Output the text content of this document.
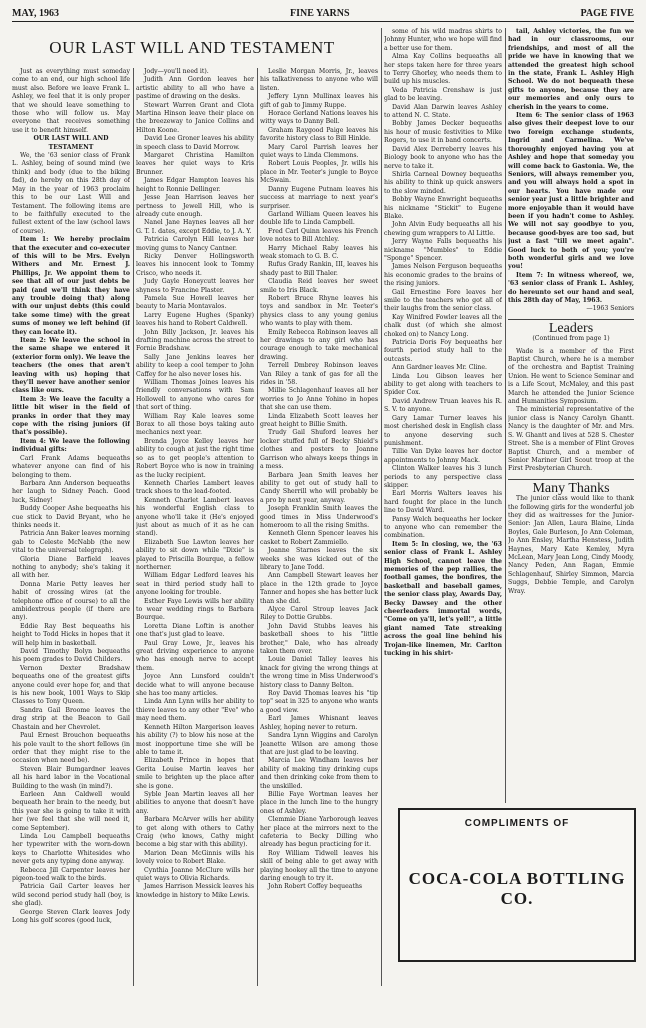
MAY, 1963	FINE YARNS	PAGE FIVE
OUR LAST WILL AND TESTAMENT

Just as everything must someday come to an end, our high school life must also. Before we leave Frank L. Ashley, we feel that it is only proper that we should leave something to those who will follow us. May everyone that receives something use it to benefit himself.

OUR LAST WILL AND TESTAMENT

We, the '63 senior class of Frank L. Ashley, being of sound mind (we think) and body (due to the biking fad), do hereby on this 28th day of May in the year of 1963 proclaim this to be our Last Will and Testament. The following items are to be faithfully executed to the fullest extent of the law (school laws of course).

Item 1: We hereby proclaim that the executer and co-executer of this will to be Mrs. Evelyn Withers and Mr. Ernest J. Phillips, Jr. We appoint them to see that all of our just debts be paid (and we'll think they have any trouble doing that) along with our unjust debts (this could take some time) with the great sums of money we left behind (if they can locate it).

Item 2: We leave the school in the same shape we entered it (exterior form only). We leave the teachers (the ones that aren't leaving with us) hoping that they'll never have another senior class like ours.

Item 3: We leave the faculty a little bit wiser in the field of pranks in order that they may cope with the rising juniors (if that's possible).

Item 4: We leave the following individual gifts:

Carl Frank Adams bequeaths whatever anyone can find of his belonging to them.

Barbara Ann Anderson bequeaths her laugh to Sidney Peach. Good luck, Sidney!

Buddy Cooper Ashe bequeaths his cue stick to David Bryant, who he thinks needs it.

Patricia Ann Baker leaves morning gab to Celeste McNabb (the new vital to the universal telegraph).

Gloria Diane Barfield leaves nothing to anybody; she's taking it all with her.

Donna Marie Petty leaves her habit of crossing wires (at the telephone office of course) to all the ambidextrous people (if there are any).

Eddie Ray Best bequeaths his height to Todd Hicks in hopes that it will help him in basketball.

David Timothy Bolyn bequeaths his poem grades to David Childers.

Vernon Dexter Bradshaw bequeaths one of the greatest gifts anyone could ever hope for, and that is his new book, 1001 Ways to Skip Classes to Tony Queen.

Sandra Gail Broome leaves the drag strip at the Beacon to Gail Chastain and her Chevrolet.

Paul Ernest Brouchon bequeaths his pole vault to the short fellows (in order that they might rise to the occasion when need be).

Steven Blair Bumgardner leaves all his hard labor in the Vocational Building to the wash (in mind?).

Earleen Ann Caldwell would bequeath her brain to the needy, but this year she is going to take it with her (we feel that she will need it, come September).

Linda Lou Campbell bequeaths her typewriter with the worn-down keys to Charlotte Whitesides who never gets any typing done anyway.

Rebecca Jill Carpenter leaves her pigeon-toed walk to the birds.

Patricia Gail Carter leaves her wild second period study hall (boy, is she glad).

George Steven Clark leaves Jody Long his golf scores (good luck,

Jody—you'll need it).

Judith Ann Gordon leaves her artistic ability to all who have a pastime of drawing on the desks.

Stewart Warren Grant and Clota Martina Hinson leave their place on the breezeway to Janice Collins and Hilton Koone.

David Lee Groner leaves his ability in speech class to David Morrow.

Margaret Christina Hamilton leaves her quiet ways to Kris Brunner.

James Edgar Hampton leaves his height to Ronnie Dellinger.

Jesse Jean Harrison leaves her pertness to Jewell Hill, who is already cute enough.

Nanel Jane Haynes leaves all her G. T. I. dates, except Eddie, to J. A. Y.

Patricia Carolyn Hill leaves her moving gums to Nancy Cantner.

Ricky Denver Hollingsworth leaves his innocent look to Tommy Crisco, who needs it.

Judy Gayle Honeycutt leaves her shyness to Francine Plaster.

Pamela Sue Howell leaves her beauty to Maria Montavalos.

Larry Eugene Hughes (Spanky) leaves his hand to Robert Caldwell.

John Billy Jackson, Jr. leaves his drafting machine across the street to Fornie Bradshaw.

Sally Jane Jenkins leaves her ability to keep a cool temper to John Caffey for he also never loses his.

William Thomas Joines leaves his friendly conversations with Sam Hollowell to anyone who cares for that sort of thing.

William Ray Kale leaves some Borax to all those boys taking auto mechanics next year.

Brenda Joyce Kelley leaves her ability to cough at just the right time so as to get people's attention to Robert Boyce who is now in training as the lucky recipient.

Kenneth Charles Lambert leaves track shoes to the lead-footed.

Kenneth Charlet Lambert leaves his wonderful English class to anyone who'll take it (He's enjoyed just about as much of it as he can stand).

Elizabeth Sue Lawton leaves her ability to sit down while "Dixie" is played to Priscilla Bourque, a fellow northerner.

William Edgar Ledford leaves his seat in third period study hall to anyone looking for trouble.

Esther Faye Lewis wills her ability to wear wedding rings to Barbara Bourque.

Loretta Diane Loftin is another one that's just glad to leave.

Paul Gray Lowe, Jr., leaves his great driving experience to anyone who has enough nerve to accept them.

Joyce Ann Lunsford couldn't decide what to will anyone because she has too many articles.

Linda Ann Lynn wills her ability to thieve leaves to any other "Eve" who may need them.

Kenneth Hilton Margerison leaves his ability (?) to blow his nose at the most inopportune time she will be able to tame it.

Elizabeth Prince in hopes that Gerita Louise Martin leaves her smile to brighten up the place after she is gone.

Syble Jean Martin leaves all her abilities to anyone that doesn't have any.

Barbara McArver wills her ability to get along with others to Cathy Craig (who knows, Cathy might become a big star with this ability).

Marion Dean McGinnis wills his lovely voice to Robert Blake.

Cynthia Joanne McClure wills her quiet ways to Olivia Richards.

James Harrison Messick leaves his knowledge in history to Mike Lewis.

Leslie Morgan Morris, Jr., leaves his talkativeness to anyone who will listen.

Jeffery Lynn Mullinax leaves his gift of gab to Jimmy Ruppe.

Horace Gerland Nations leaves his witty ways to Danny Bell.

Graham Raygood Paige leaves his favorite history class to Bill Hinkle.

Mary Carol Parrish leaves her quiet ways to Linda Clemmons.

Robert Louis Peoples, Jr. wills his place in Mr. Teeter's jungle to Boyce McSwain.

Danny Eugene Putnam leaves his success at marriage to next year's surpriser.

Garland William Queen leaves his double life to Linda Campbell.

Fred Carl Quinn leaves his French love notes to Bill Atchley.

Harry Michael Raby leaves his weak stomach to G. B. C.

Rufus Grady Rankin, III, leaves his shady past to Bill Thaler.

Claudia Reid leaves her sweet smile to Iris Black.

Robert Bruce Rhyne leaves his toys and sandbox in Mr. Teeter's physics class to any young genius who wants to play with them.

Emily Rebecca Robinson leaves all her drawings to any girl who has courage enough to take mechanical drawing.

Terrell Dmbrey Robinson leaves Van Riley a tank of gas for all the rides in '58.

Millie Schlagenhauf leaves all her worries to Jo Anne Yohino in hopes that she can use them.

Linda Elizabeth Scott leaves her great height to Billie Smith.

Trudy Gail Shuford leaves her locker stuffed full of Becky Shield's clothes and posters to Joanne Garrison who always keeps things in a mess.

Barbara Jean Smith leaves her ability to get out of study hall to Candy Sherrill who will probably be a pro by next year, anyway.

Joseph Franklin Smith leaves the good times in Miss Underwood's homeroom to all the rising Smiths.

Kenneth Glenn Spencer leaves his casket to Robert Zammiello.

Joanne Starnes leaves the six weeks she was kicked out of the library to Jane Todd.

Ann Campbell Stewart leaves her place in the 12th grade to Joyce Tanner and hopes she has better luck than she did.

Alyce Carol Stroup leaves Jack Riley to Dottie Grubbs.

John David Stubbs leaves his basketball shoes to his "little brother," Dale, who has already taken them over.

Louie Daniel Talley leaves his knack for giving the wrong things at the wrong time in Miss Underwood's history class to Danny Belton.

Roy David Thomas leaves his "tip top" seat in 325 to anyone who wants a good view.

Earl James Whisnant leaves Ashley, hoping never to return.

Sandra Lynn Wiggins and Carolyn Jeanette Wilson are among those that are just glad to be leaving.

Marcia Lee Windham leaves her ability of making tiny drinking cups and then drinking coke from them to the unskilled.

Billie Faye Wortman leaves her place in the lunch line to the hungry ones of Ashley.

Clemmie Diane Yarborough leaves her place at the mirrors next to the cafeteria to Becky Dilling who already has begun practicing for it.

Roy William Tidwell leaves his skill of being able to get away with playing hookey all the time to anyone daring enough to try it.

John Robert Coffey bequeaths

some of his wild madras shirts to Johnny Hunter, who we hope will find a better use for them.

Alma Kay Collins bequeaths all her steps taken here for three years to Terry Ghorley, who needs them to build up his muscles.

Veda Patricia Crenshaw is just glad to be leaving.

David Alan Darwin leaves Ashley to attend N. C. State.

Bobby James Decker bequeaths his hour of music festivities to Mike Rogers, to use it in band concerts.

David Alex Derreberry leaves his Biology book to anyone who has the nerve to take it.

Shirla Carneal Downey bequeaths his ability to think up quick answers to the slow minded.

Bobby Wayne Enwright bequeaths his nickname "Stickit" to Eugene Blake.

John Alvin Eudy bequeaths all his chewing gum wrappers to Al Little.

Jerry Wayne Falls bequeaths his nickname "Mumbles" to Eddie "Sponge" Spencer.

James Nelson Ferguson bequeaths his economic grades to the brains of the rising juniors.

Gail Ernestine Fore leaves her smile to the teachers who got all of their laughs from the senior class.

Kay Winifred Fowler leaves all the chalk dust (of which she almost choked on) to Nancy Long.

Patricia Doris Foy bequeaths her fourth period study hall to the outcasts.

Ann Gardner leaves Mr. Cline.

Linda Lou Gibson leaves her ability to get along with teachers to Spider Cox.

David Andrew Truan leaves his R. S. V. to anyone.

Gary Lamar Turner leaves his most cherished desk in English class to anyone deserving such punishment.

Tillie Van Dyke leaves her doctor appointments to Johnny Mack.

Clinton Walker leaves his 3 lunch periods to any perspective class skipper.

Earl Morris Walters leaves his hard fought for place in the lunch line to David Ward.

Pansy Welch bequeaths her locker to anyone who can remember the combination.

Item 5: In closing, we, the '63 senior class of Frank L. Ashley High School, cannot leave the memories of the pep rallies, the football games, the bonfires, the basketball and baseball games, the senior class play, Awards Day, Becky Dawsey and the other cheerleaders immortal words, "Come on ya'll, let's yell!", a little giant named Tate streaking across the goal line behind his Trojan-like linemen, Mr. Carlton tucking in his shirt-

tail, Ashley victories, the fun we had in our classrooms, our friendships, and most of all the pride we have in knowing that we attended the greatest high school in the state, Frank L. Ashley High School. We do not bequeath these gifts to anyone, because they are our memories and only ours to cherish in the years to come.

Item 6: The senior class of 1963 also gives their deepest love to our two foreign exchange students, Ingrid and Carmelina. We've thoroughly enjoyed having you at Ashley and hope that someday you will come back to Gastonia. We, the Seniors, will always remember you, and you will always hold a spot in our hearts. You have made our senior year just a little brighter and more enjoyable than it would have been if you hadn't come to Ashley. We will not say goodbye to you, because good-byes are too sad, but just a fast "till we meet again". Good luck to both of you; you're both wonderful girls and we love you!

Item 7: In witness whereof, we, '63 senior class of Frank L. Ashley, do hereunto set our hand and seal, this 28th day of May, 1963.

—1963 Seniors
Leaders
(Continued from page 1)

Wade is a member of the First Baptist Church, where he is a member of the orchestra and Baptist Training Union. He went to Science Seminar and is a Life Scout, McMaley, and this past March he attended the Junior Science and Humanities Symposium.

The ministerial representative of the junior class is Nancy Carolyn Ghantt. Nancy is the daughter of Mr. and Mrs. S. W. Ghantt and lives at 528 S. Chester Street. She is a member of Flint Groves Baptist Church, and a member of Senior Mariner Girl Scout troop at the First Presbyterian Church.

Many Thanks

The junior class would like to thank the following girls for the wonderful job they did as waitresses for the Junior-Senior: Jan Allen, Laura Blaine, Linda Boyles, Gale Burleson, Jo Ann Coleman, Jo Ann Ensley, Martha Henstess, Judith Haynes, Mary Kate Kemley, Myra McLean, Mary Jean Long, Cindy Moody, Nancy Peden, Ann Ragan, Emmie Schlagenhauf, Shirley Simmon, Marcia Suggs, Debbie Temple, and Carolyn Wray.

COMPLIMENTS OF
COCA-COLA BOTTLING CO.
